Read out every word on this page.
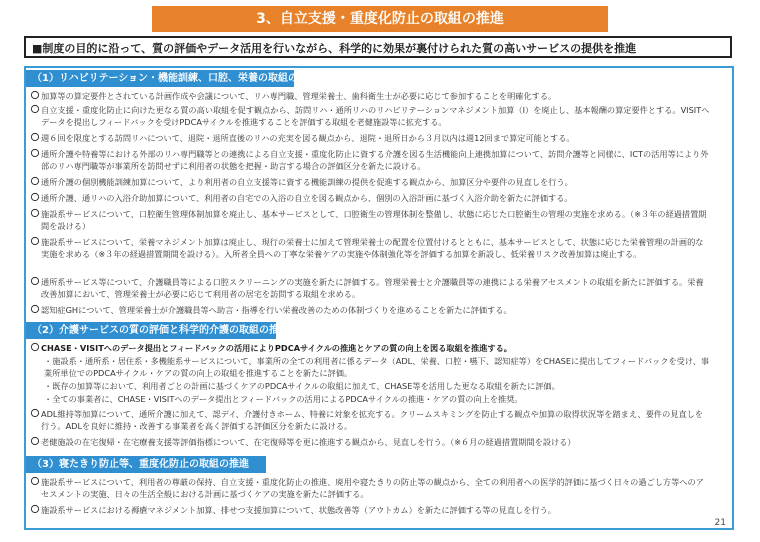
3、自立支援・重度化防止の取組の推進
■制度の目的に沿って、質の評価やデータ活用を行いながら、科学的に効果が裏付けられた質の高いサービスの提供を推進
（1）リハビリテーション・機能訓練、口腔、栄養の取組の連携・強化
加算等の算定要件とされている計画作成や会議について、リハ専門職、管理栄養士、歯科衛生士が必要に応じて参加することを明確化する。
自立支援・重度化防止に向けた更なる質の高い取組を促す観点から、訪問リハ・通所リハのリハビリテーションマネジメント加算（Ⅰ）を廃止し、基本報酬の算定要件とする。VISITへデータを提出しフィードバックを受けPDCAサイクルを推進することを評価する取組を老健施設等に拡充する。
週６回を限度とする訪問リハについて、退院・退所直後のリハの充実を図る観点から、退院・退所日から３月以内は週12回まで算定可能とする。
通所介護や特養等における外部のリハ専門職等との連携による自立支援・重度化防止に資する介護を図る生活機能向上連携加算について、訪問介護等と同様に、ICTの活用等により外部のリハ専門職等が事業所を訪問せずに利用者の状態を把握・助言する場合の評価区分を新たに設ける。
通所介護の個別機能訓練加算について、より利用者の自立支援等に資する機能訓練の提供を促進する観点から、加算区分や要件の見直しを行う。
通所介護、通リハの入浴介助加算について、利用者の自宅での入浴の自立を図る観点から、個別の入浴計画に基づく入浴介助を新たに評価する。
施設系サービスについて、口腔衛生管理体制加算を廃止し、基本サービスとして、口腔衛生の管理体制を整備し、状態に応じた口腔衛生の管理の実施を求める。（※３年の経過措置期間を設ける）
施設系サービスについて、栄養マネジメント加算は廃止し、現行の栄養士に加えて管理栄養士の配置を位置付けるとともに、基本サービスとして、状態に応じた栄養管理の計画的な実施を求める（※３年の経過措置期間を設ける）。入所者全員への丁寧な栄養ケアの実施や体制強化等を評価する加算を新設し、低栄養リスク改善加算は廃止する。
通所系サービス等について、介護職員等による口腔スクリーニングの実施を新たに評価する。管理栄養士と介護職員等の連携による栄養アセスメントの取組を新たに評価する。栄養改善加算において、管理栄養士が必要に応じて利用者の居宅を訪問する取組を求める。
認知症GHについて、管理栄養士が介護職員等へ助言・指導を行い栄養改善のための体制づくりを進めることを新たに評価する。
（2）介護サービスの質の評価と科学的介護の取組の推進
CHASE・VISITへのデータ提出とフィードバックの活用によりPDCAサイクルの推進とケアの質の向上を図る取組を推進する。
・施設系・通所系・居住系・多機能系サービスについて、事業所の全ての利用者に係るデータ（ADL、栄養、口腔・嚥下、認知症等）をCHASEに提出してフィードバックを受け、事業所単位でのPDCAサイクル・ケアの質の向上の取組を推進することを新たに評価。
・既存の加算等において、利用者ごとの計画に基づくケアのPDCAサイクルの取組に加えて、CHASE等を活用した更なる取組を新たに評価。
・全ての事業者に、CHASE・VISITへのデータ提出とフィードバックの活用によるPDCAサイクルの推進・ケアの質の向上を推奨。
ADL維持等加算について、通所介護に加えて、認デイ、介護付きホーム、特養に対象を拡充する。クリームスキミングを防止する観点や加算の取得状況等を踏まえ、要件の見直しを行う。ADLを良好に維持・改善する事業者を高く評価する評価区分を新たに設ける。
老健施設の在宅復帰・在宅療養支援等評価指標について、在宅復帰等を更に推進する観点から、見直しを行う。（※６月の経過措置期間を設ける）
（3）寝たきり防止等、重度化防止の取組の推進
施設系サービスについて、利用者の尊厳の保持、自立支援・重度化防止の推進、廃用や寝たきりの防止等の観点から、全ての利用者への医学的評価に基づく日々の過ごし方等へのアセスメントの実施、日々の生活全般における計画に基づくケアの実施を新たに評価する。
施設系サービスにおける褥瘡マネジメント加算、排せつ支援加算について、状態改善等（アウトカム）を新たに評価する等の見直しを行う。
21
